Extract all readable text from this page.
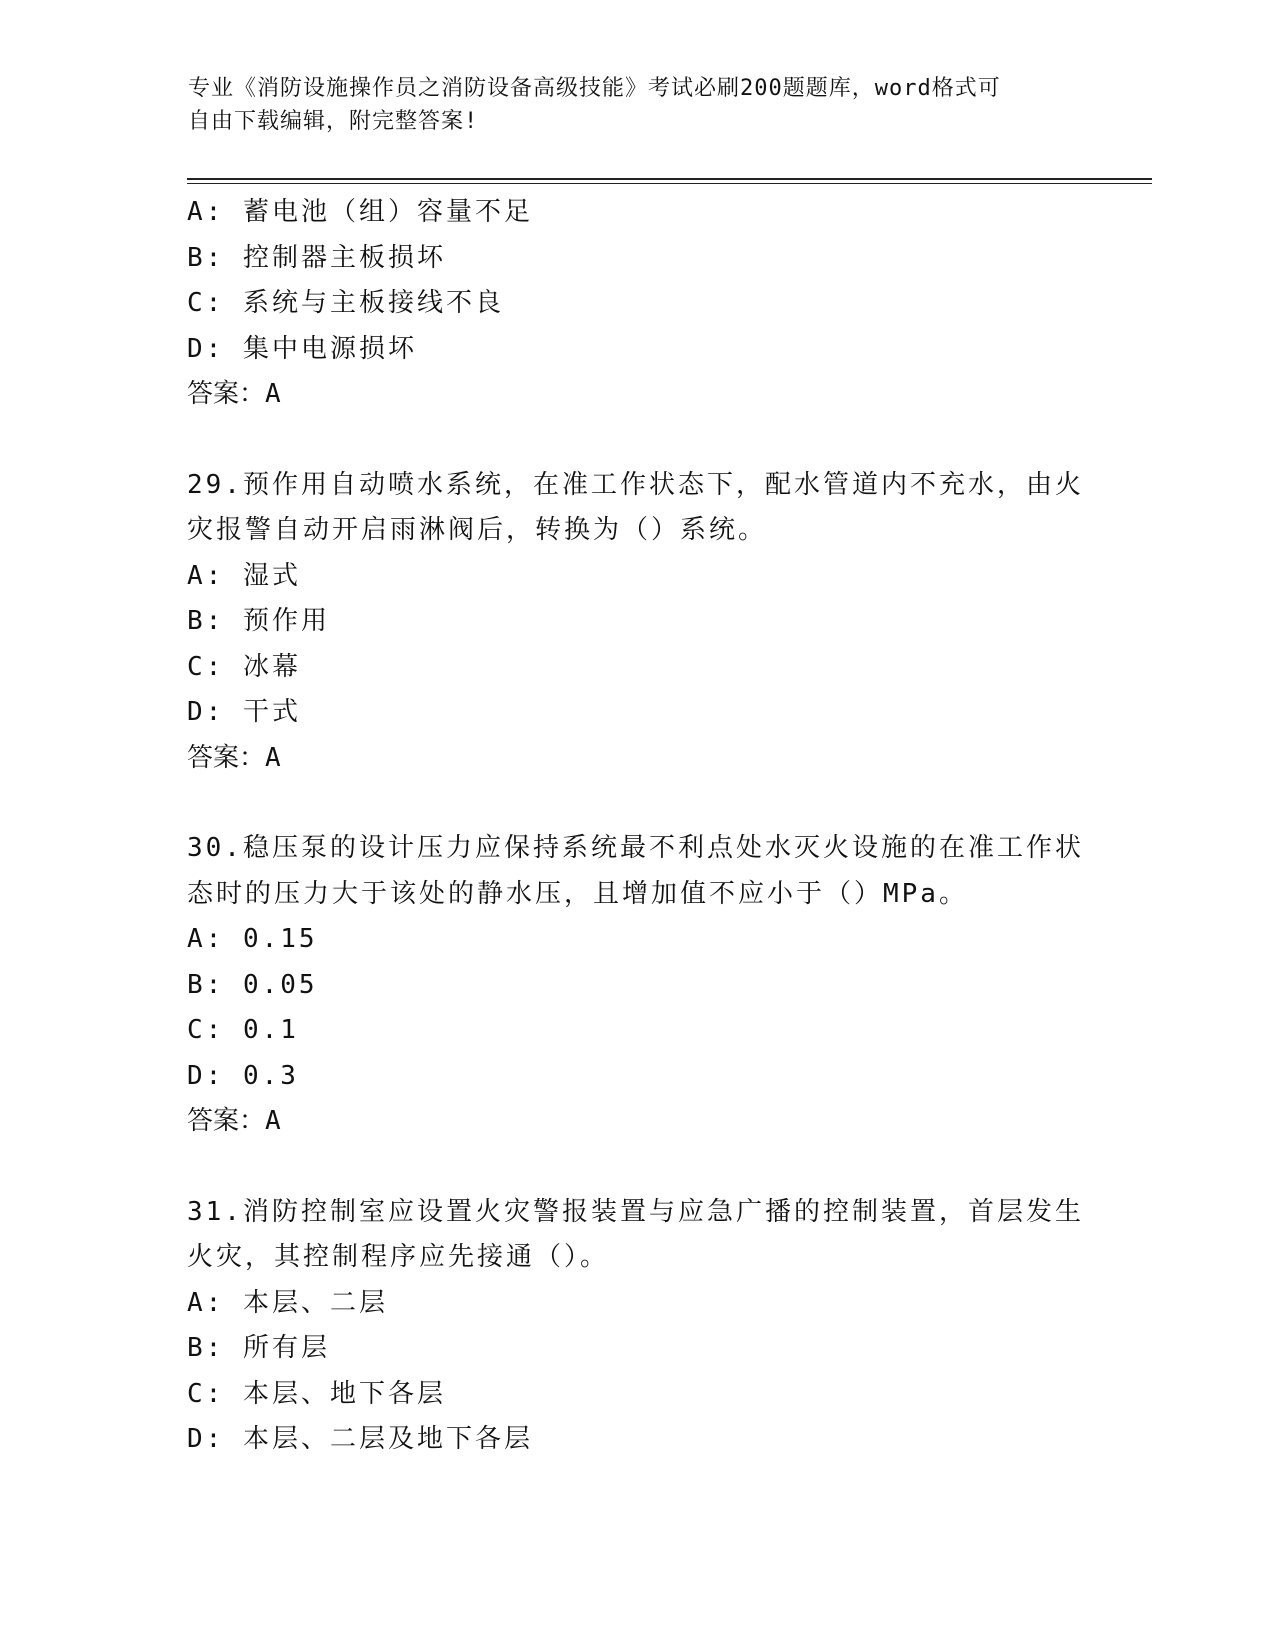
专业《消防设施操作员之消防设备高级技能》考试必刷200题题库，word格式可
自由下载编辑，附完整答案!
A: 蓄电池（组）容量不足
B: 控制器主板损坏
C: 系统与主板接线不良
D: 集中电源损坏
答案：A
29.预作用自动喷水系统，在准工作状态下，配水管道内不充水，由火
灾报警自动开启雨淋阀后，转换为（）系统。
A: 湿式
B: 预作用
C: 冰幕
D: 干式
答案：A
30.稳压泵的设计压力应保持系统最不利点处水灭火设施的在准工作状
态时的压力大于该处的静水压，且增加值不应小于（）MPa。
A: 0.15
B: 0.05
C: 0.1
D: 0.3
答案：A
31.消防控制室应设置火灾警报装置与应急广播的控制装置，首层发生
火灾，其控制程序应先接通（）。
A: 本层、二层
B: 所有层
C: 本层、地下各层
D: 本层、二层及地下各层
